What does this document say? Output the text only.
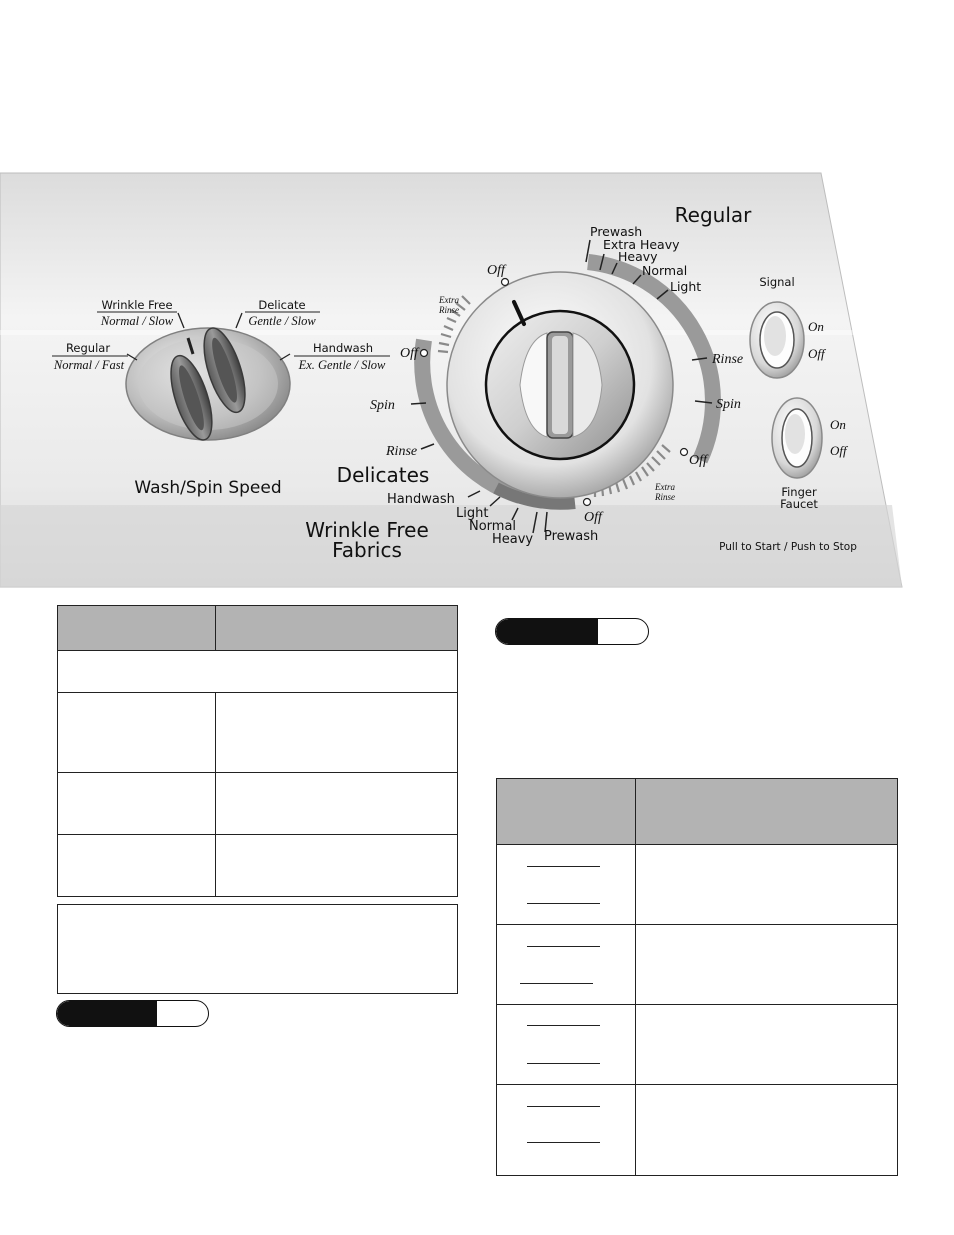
Regular
Wrinkle Free	Delicate
Handwash
Normal / Fast
Normal / Slow	Gentle / Slow
Ex. Gentle / Slow
Wash/Spin Speed
Regular
Delicates
Wrinkle Free
Fabrics
Prewash
Extra Heavy
Heavy
Normal
Light
Rinse
Spin
Off
Off
Extra
Rinse
Off
Spin
Rinse
Handwash
Light
Normal
Heavy Prewash
Off
Extra
Rinse
Signal
On
Off
On
Off
Finger
Faucet
Pull to Start / Push to Stop
